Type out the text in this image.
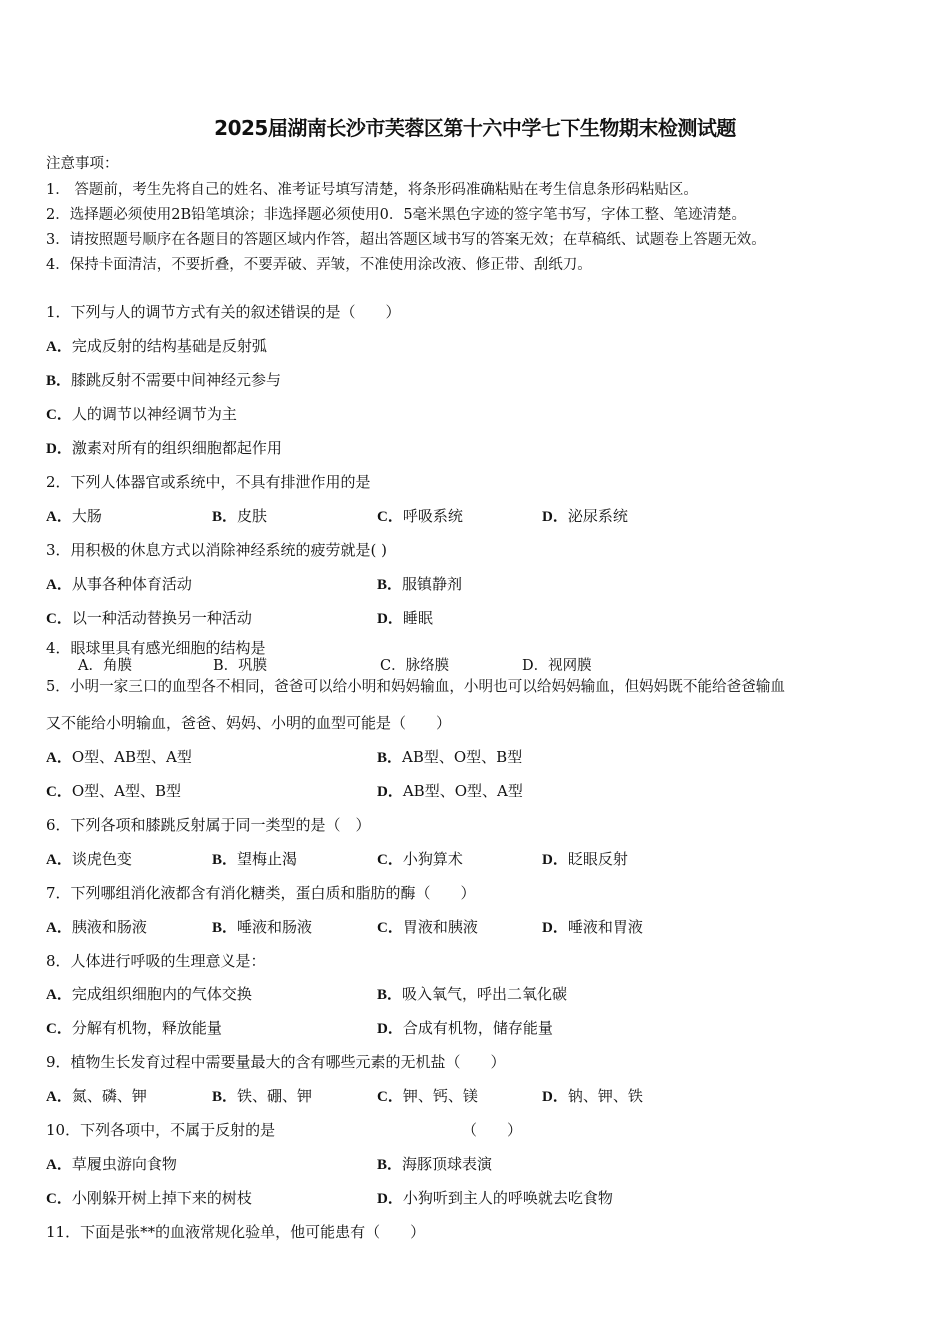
2025届湖南长沙市芙蓉区第十六中学七下生物期末检测试题
注意事项：
1． 答题前，考生先将自己的姓名、准考证号填写清楚，将条形码准确粘贴在考生信息条形码粘贴区。
2．选择题必须使用2B铅笔填涂；非选择题必须使用0．5毫米黑色字迹的签字笔书写，字体工整、笔迹清楚。
3．请按照题号顺序在各题目的答题区域内作答，超出答题区域书写的答案无效；在草稿纸、试题卷上答题无效。
4．保持卡面清洁，不要折叠，不要弄破、弄皱，不准使用涂改液、修正带、刮纸刀。
1．下列与人的调节方式有关的叙述错误的是（　　）
A．完成反射的结构基础是反射弧
B．膝跳反射不需要中间神经元参与
C．人的调节以神经调节为主
D．激素对所有的组织细胞都起作用
2．下列人体器官或系统中，不具有排泄作用的是
A．大肠	B．皮肤	C．呼吸系统	D．泌尿系统
3．用积极的休息方式以消除神经系统的疲劳就是( )
A．从事各种体育活动	B．服镇静剂
C．以一种活动替换另一种活动	D．睡眠
4．眼球里具有感光细胞的结构是
A．角膜	B．巩膜	C．脉络膜	D．视网膜
5．小明一家三口的血型各不相同，爸爸可以给小明和妈妈输血，小明也可以给妈妈输血，但妈妈既不能给爸爸输血
又不能给小明输血，爸爸、妈妈、小明的血型可能是（　　）
A．O型、AB型、A型	B．AB型、O型、B型
C．O型、A型、B型	D．AB型、O型、A型
6．下列各项和膝跳反射属于同一类型的是（　）
A．谈虎色变	B．望梅止渴	C．小狗算术	D．眨眼反射
7．下列哪组消化液都含有消化糖类，蛋白质和脂肪的酶（　　）
A．胰液和肠液	B．唾液和肠液	C．胃液和胰液	D．唾液和胃液
8．人体进行呼吸的生理意义是：
A．完成组织细胞内的气体交换	B．吸入氧气，呼出二氧化碳
C．分解有机物，释放能量	D．合成有机物，储存能量
9．植物生长发育过程中需要量最大的含有哪些元素的无机盐（　　）
A．氮、磷、钾	B．铁、硼、钾	C．钾、钙、镁	D．钠、钾、铁
10．下列各项中，不属于反射的是	（　　）
A．草履虫游向食物	B．海豚顶球表演
C．小刚躲开树上掉下来的树枝	D．小狗听到主人的呼唤就去吃食物
11．下面是张**的血液常规化验单，他可能患有（　　）
